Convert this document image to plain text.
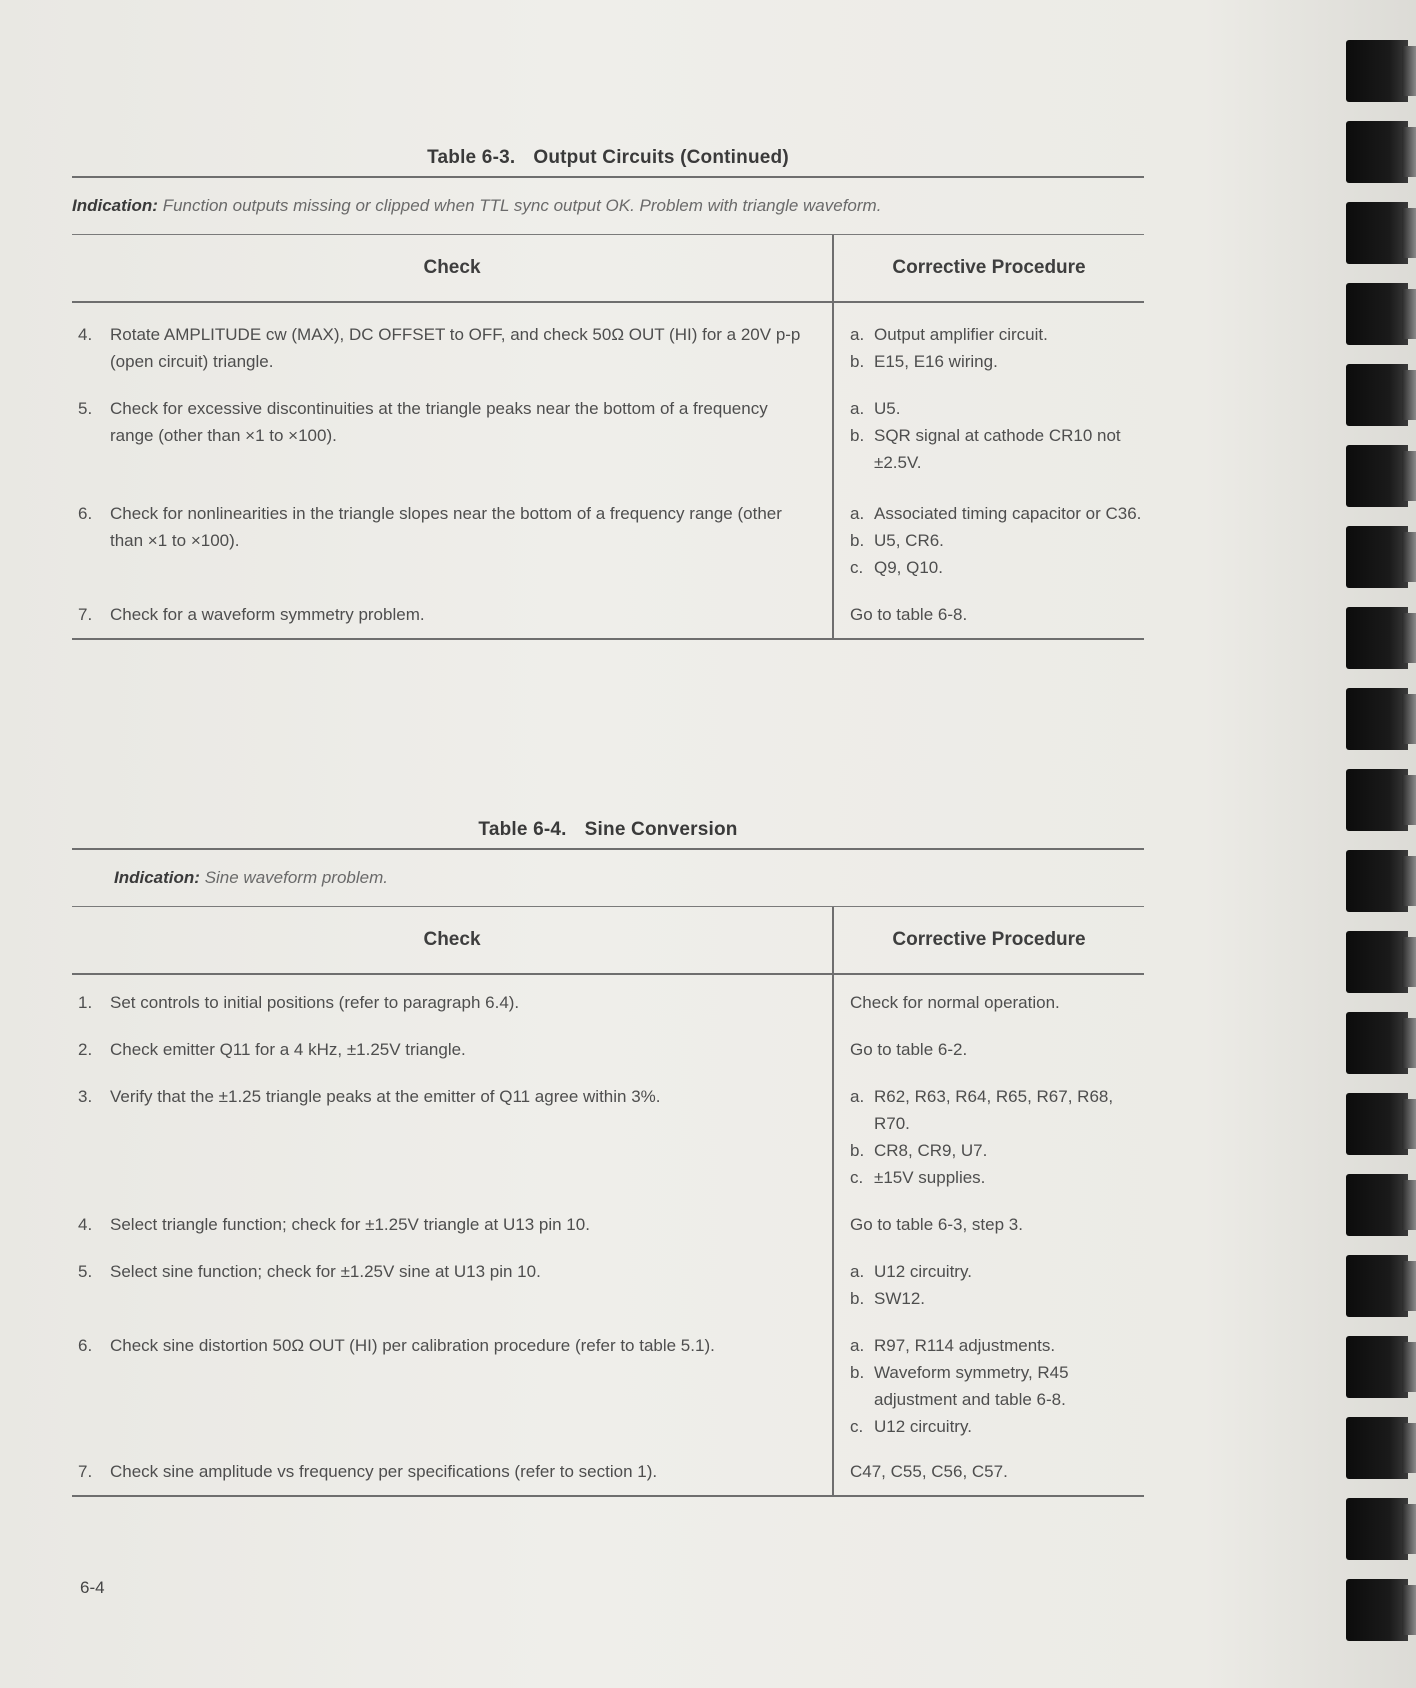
Table 6-3. Output Circuits (Continued)
Indication: Function outputs missing or clipped when TTL sync output OK. Problem with triangle waveform.
Check	Corrective Procedure
4.	Rotate AMPLITUDE cw (MAX), DC OFFSET to OFF, and check 50Ω OUT (HI) for a 20V p-p (open circuit) triangle.
a. Output amplifier circuit.
b. E15, E16 wiring.
5.	Check for excessive discontinuities at the triangle peaks near the bottom of a frequency range (other than ×1 to ×100).
a. U5.
b. SQR signal at cathode CR10 not ±2.5V.
6.	Check for nonlinearities in the triangle slopes near the bottom of a frequency range (other than ×1 to ×100).
a. Associated timing capacitor or C36.
b. U5, CR6.
c. Q9, Q10.
7.	Check for a waveform symmetry problem.	Go to table 6-8.
Table 6-4. Sine Conversion
Indication: Sine waveform problem.
Check	Corrective Procedure
1.	Set controls to initial positions (refer to paragraph 6.4).	Check for normal operation.
2.	Check emitter Q11 for a 4 kHz, ±1.25V triangle.	Go to table 6-2.
3.	Verify that the ±1.25 triangle peaks at the emitter of Q11 agree within 3%.	a. R62, R63, R64, R65, R67, R68, R70.
b. CR8, CR9, U7.
c. ±15V supplies.
4.	Select triangle function; check for ±1.25V triangle at U13 pin 10.	Go to table 6-3, step 3.
5.	Select sine function; check for ±1.25V sine at U13 pin 10.	a. U12 circuitry.
b. SW12.
6.	Check sine distortion 50Ω OUT (HI) per calibration procedure (refer to table 5.1).	a. R97, R114 adjustments.
b. Waveform symmetry, R45 adjustment and table 6-8.
c. U12 circuitry.
7.	Check sine amplitude vs frequency per specifications (refer to section 1).	C47, C55, C56, C57.
6-4
